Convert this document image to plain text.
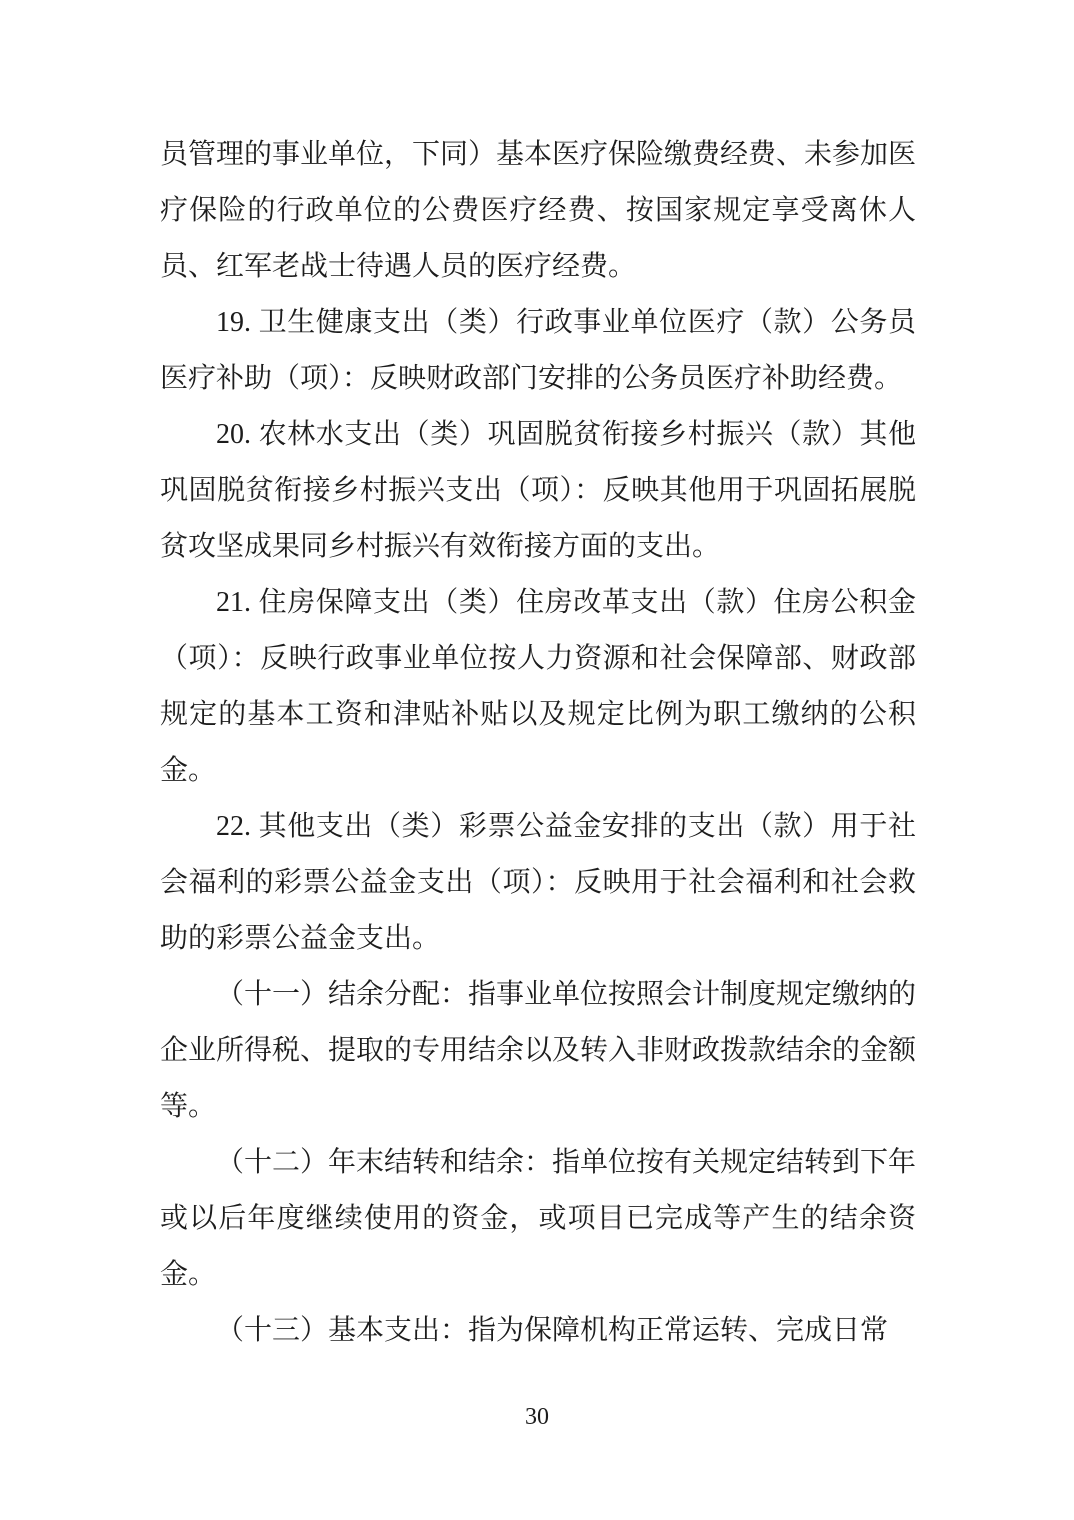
员管理的事业单位，下同）基本医疗保险缴费经费、未参加医疗保险的行政单位的公费医疗经费、按国家规定享受离休人员、红军老战士待遇人员的医疗经费。

19. 卫生健康支出（类）行政事业单位医疗（款）公务员医疗补助（项）：反映财政部门安排的公务员医疗补助经费。

20. 农林水支出（类）巩固脱贫衔接乡村振兴（款）其他巩固脱贫衔接乡村振兴支出（项）：反映其他用于巩固拓展脱贫攻坚成果同乡村振兴有效衔接方面的支出。

21. 住房保障支出（类）住房改革支出（款）住房公积金（项）：反映行政事业单位按人力资源和社会保障部、财政部规定的基本工资和津贴补贴以及规定比例为职工缴纳的公积金。

22. 其他支出（类）彩票公益金安排的支出（款）用于社会福利的彩票公益金支出（项）：反映用于社会福利和社会救助的彩票公益金支出。

（十一）结余分配：指事业单位按照会计制度规定缴纳的企业所得税、提取的专用结余以及转入非财政拨款结余的金额等。

（十二）年末结转和结余：指单位按有关规定结转到下年或以后年度继续使用的资金，或项目已完成等产生的结余资金。

（十三）基本支出：指为保障机构正常运转、完成日常

30
